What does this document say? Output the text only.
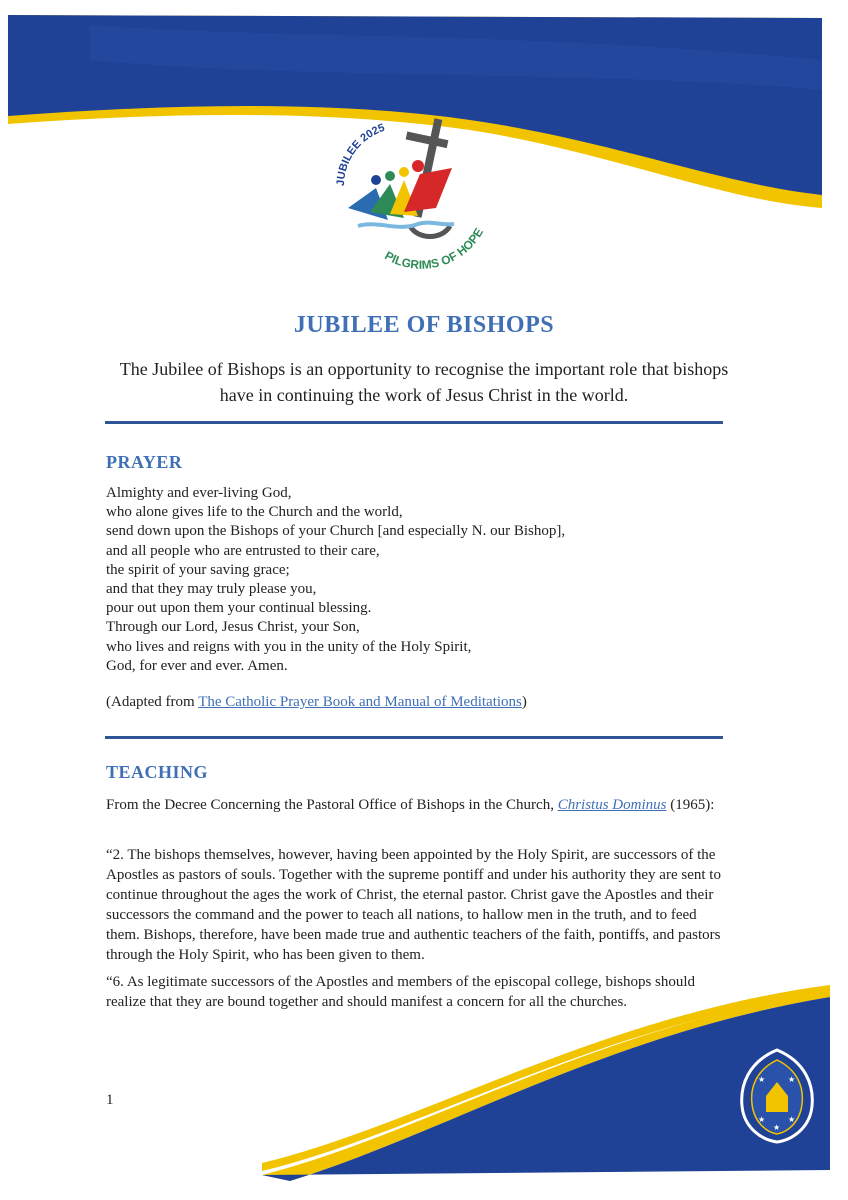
JUBILEE 2025
PILGRIMS OF HOPE
JUBILEE OF BISHOPS
The Jubilee of Bishops is an opportunity to recognise the important role that bishops have in continuing the work of Jesus Christ in the world.
PRAYER
Almighty and ever-living God,
who alone gives life to the Church and the world,
send down upon the Bishops of your Church [and especially N. our Bishop],
and all people who are entrusted to their care,
the spirit of your saving grace;
and that they may truly please you,
pour out upon them your continual blessing.
Through our Lord, Jesus Christ, your Son,
who lives and reigns with you in the unity of the Holy Spirit,
God, for ever and ever. Amen.
(Adapted from The Catholic Prayer Book and Manual of Meditations)
TEACHING
From the Decree Concerning the Pastoral Office of Bishops in the Church, Christus Dominus (1965):
“2. The bishops themselves, however, having been appointed by the Holy Spirit, are successors of the Apostles as pastors of souls. Together with the supreme pontiff and under his authority they are sent to continue throughout the ages the work of Christ, the eternal pastor. Christ gave the Apostles and their successors the command and the power to teach all nations, to hallow men in the truth, and to feed them. Bishops, therefore, have been made true and authentic teachers of the faith, pontiffs, and pastors through the Holy Spirit, who has been given to them.
“6. As legitimate successors of the Apostles and members of the episcopal college, bishops should realize that they are bound together and should manifest a concern for all the churches.
★	★
★	★
★
1
